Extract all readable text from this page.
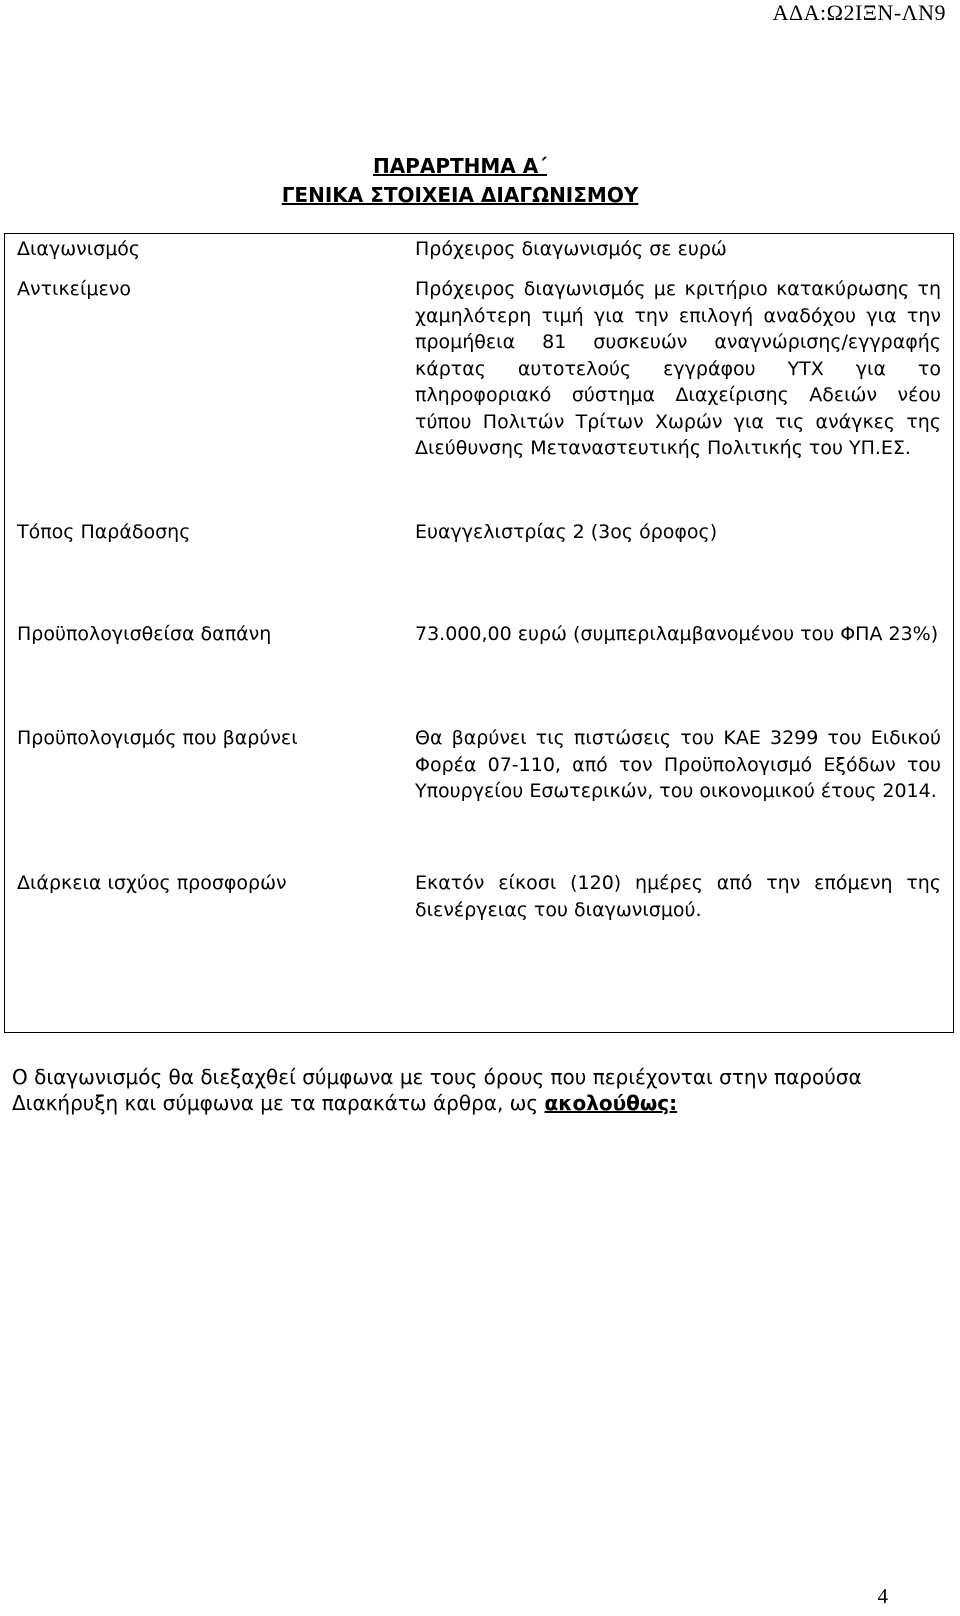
ΑΔΑ:Ω2ΙΞΝ-ΛΝ9
ΠΑΡΑΡΤΗΜΑ Α΄
ΓΕΝΙΚΑ ΣΤΟΙΧΕΙΑ ΔΙΑΓΩΝΙΣΜΟΥ
Διαγωνισμός	Πρόχειρος διαγωνισμός σε ευρώ
Αντικείμενο	Πρόχειρος διαγωνισμός με κριτήριο κατακύρωσης τη χαμηλότερη τιμή για την επιλογή αναδόχου για την προμήθεια 81 συσκευών αναγνώρισης/εγγραφής κάρτας αυτοτελούς εγγράφου ΥΤΧ για το πληροφοριακό σύστημα Διαχείρισης Αδειών νέου τύπου Πολιτών Τρίτων Χωρών για τις ανάγκες της Διεύθυνσης Μεταναστευτικής Πολιτικής του ΥΠ.ΕΣ.
Τόπος Παράδοσης	Ευαγγελιστρίας 2 (3ος όροφος)
Προϋπολογισθείσα δαπάνη	73.000,00 ευρώ (συμπεριλαμβανομένου του ΦΠΑ 23%)
Προϋπολογισμός που βαρύνει	Θα βαρύνει τις πιστώσεις του ΚΑΕ 3299 του Ειδικού Φορέα 07-110, από τον Προϋπολογισμό Εξόδων του Υπουργείου Εσωτερικών, του οικονομικού έτους 2014.
Διάρκεια ισχύος προσφορών	Εκατόν είκοσι (120) ημέρες από την επόμενη της διενέργειας του διαγωνισμού.
Ο διαγωνισμός θα διεξαχθεί σύμφωνα με τους όρους που περιέχονται στην παρούσα Διακήρυξη και σύμφωνα με τα παρακάτω άρθρα, ως ακολούθως:
4
